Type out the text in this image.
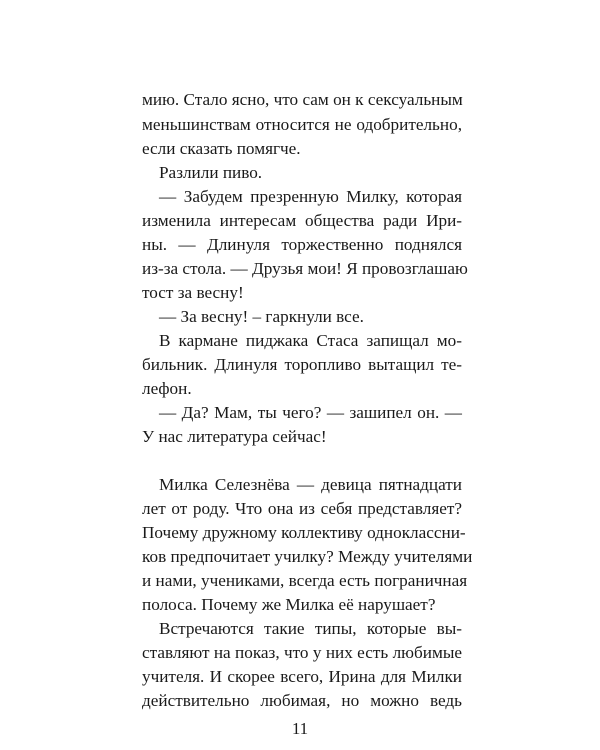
мию. Стало ясно, что сам он к сексуальным
меньшинствам относится не одобрительно,
если сказать помягче.
Разлили пиво.
— Забудем презренную Милку, которая
изменила интересам общества ради Ири-
ны. — Длинуля торжественно поднялся
из-за стола. — Друзья мои! Я провозглашаю
тост за весну!
— За весну! – гаркнули все.
В кармане пиджака Стаса запищал мо-
бильник. Длинуля торопливо вытащил те-
лефон.
— Да? Мам, ты чего? — зашипел он. —
У нас литература сейчас!
Милка Селезнёва — девица пятнадцати
лет от роду. Что она из себя представляет?
Почему дружному коллективу одноклассни-
ков предпочитает училку? Между учителями
и нами, учениками, всегда есть пограничная
полоса. Почему же Милка её нарушает?
Встречаются такие типы, которые вы-
ставляют на показ, что у них есть любимые
учителя. И скорее всего, Ирина для Милки
действительно любимая, но можно ведь
11
